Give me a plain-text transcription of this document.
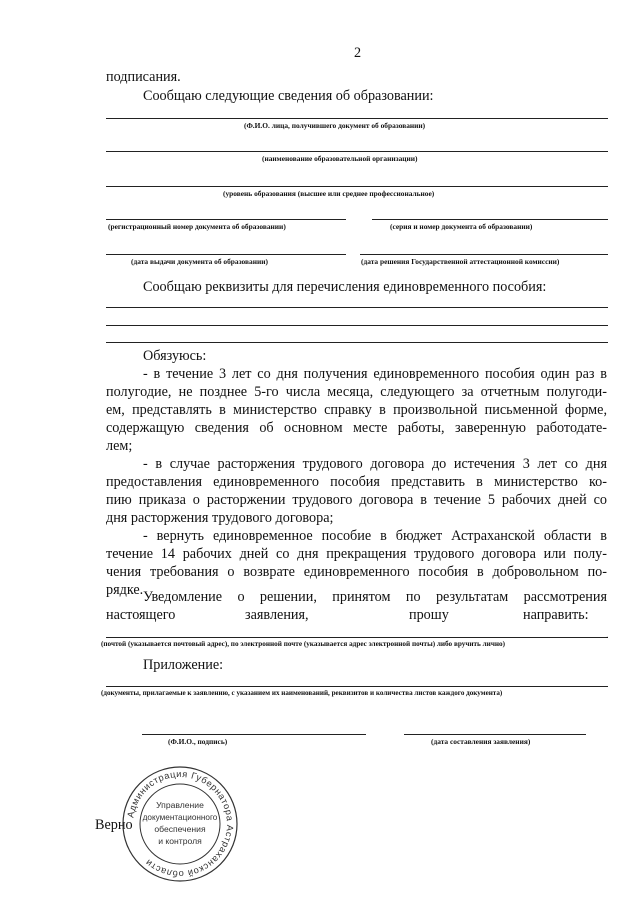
2
подписания.
Сообщаю следующие сведения об образовании:
(Ф.И.О. лица, получившего документ об образовании)
(наименование образовательной организации)
(уровень образования (высшее или среднее профессиональное)
(регистрационный номер документа об образовании)	(серия и номер документа об образовании)
(дата выдачи документа об образовании)	(дата решения Государственной аттестационной комиссии)
Сообщаю реквизиты для перечисления единовременного пособия:
Обязуюсь:
- в течение 3 лет со дня получения единовременного пособия один раз в
полугодие, не позднее 5-го числа месяца, следующего за отчетным полугоди-
ем, представлять в министерство справку в произвольной письменной форме,
содержащую сведения об основном месте работы, заверенную работодате-
лем;
- в случае расторжения трудового договора до истечения 3 лет со дня
предоставления единовременного пособия представить в министерство ко-
пию приказа о расторжении трудового договора в течение 5 рабочих дней со
дня расторжения трудового договора;
- вернуть единовременное пособие в бюджет Астраханской области в
течение 14 рабочих дней со дня прекращения трудового договора или полу-
чения требования о возврате единовременного пособия в добровольном по-
рядке. Уведомление о решении, принятом по результатам рассмотрения
настоящего	заявления,	прошу	направить:
.
(почтой (указывается почтовый адрес), по электронной почте (указывается адрес электронной почты) либо вручить лично)
Приложение:
(документы, прилагаемые к заявлению, с указанием их наименований, реквизитов и количества листов каждого документа)
(Ф.И.О., подпись)	(дата составления заявления)
Верно
Администрация Губернатора Астраханской области
Управление
документационного
обеспечения
и контроля
